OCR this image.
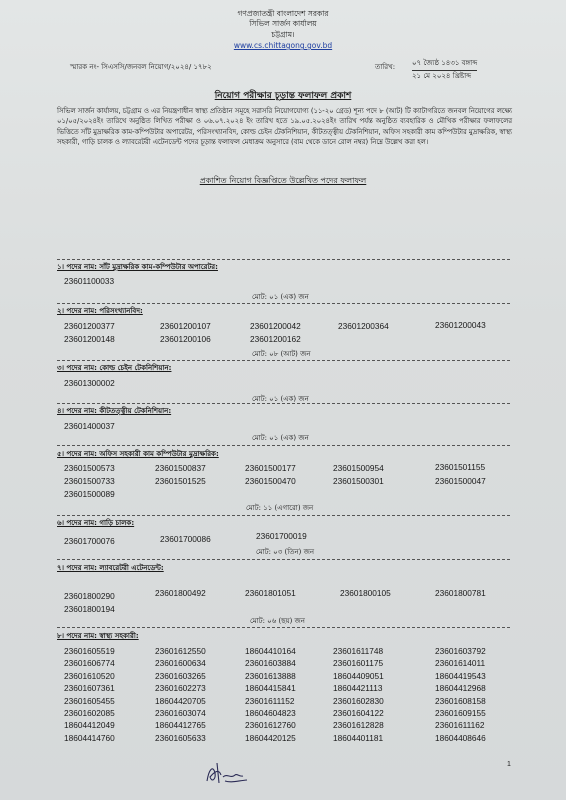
গণপ্রজাতন্ত্রী বাংলাদেশ সরকার
সিভিল সার্জন কার্যালয়
চট্টগ্রাম।
www.cs.chittagong.gov.bd
স্মারক নং- সিএসসি/জনবল নিয়োগ/২০২৪/ ১৭৮২	তারিখ: ০৭ জ্যৈষ্ঠ ১৪৩১ বঙ্গাব্দ
২১ মে ২০২৪ খ্রিষ্টাব্দ
নিয়োগ পরীক্ষার চূড়ান্ত ফলাফল প্রকাশ
সিভিল সার্জন কার্যালয়, চট্টগ্রাম ও এর নিয়ন্ত্রণাধীন স্বাস্থ্য প্রতিষ্ঠান সমূহে সরাসরি নিয়োগযোগ্য (১১-২০ গ্রেড) শূন্য পদে ৮ (আট) টি ক্যাটাগরিতে জনবল নিয়োগের লক্ষ্যে ০১/০৫/২০২৪ইং তারিখে অনুষ্ঠিত লিখিত পরীক্ষা ও ০৬.০৭.২০২৪ ইং তারিখ হতে ১৯.০৫.২০২৪ইং তারিখ পর্যন্ত অনুষ্ঠিত ব্যবহারিক ও মৌখিক পরীক্ষার ফলাফলের ভিত্তিতে সাঁট মুদ্রাক্ষরিক কাম-কম্পিউটার অপারেটর, পরিসংখ্যানবিদ, কোল্ড চেইন টেকনিশিয়ান, কীটতত্ত্বীয় টেকনিশিয়ান, অফিস সহকারী কাম কম্পিউটার মুদ্রাক্ষরিক, স্বাস্থ্য সহকারী, গাড়ি চালক ও ল্যাবরেটরী এটেনডেন্ট পদের চূড়ান্ত ফলাফল মেধাক্রম অনুসারে (বাম থেকে ডানে রোল নম্বর) নিম্নে উল্লেখ করা হল।
প্রকাশিত নিয়োগ বিজ্ঞপ্তিতে উল্লেখিত পদের ফলাফল
১। পদের নাম: সাঁট মুদ্রাক্ষরিক কাম-কম্পিউটার অপারেটর:
23601100033
মোট: ০১ (এক) জন
২। পদের নাম: পরিসংখ্যানবিদ:
23601200377	23601200107	23601200042	23601200364	23601200043
23601200148	23601200106	23601200162
মোট: ০৮ (আট) জন
৩। পদের নাম: কোল্ড চেইন টেকনিশিয়ান:
23601300002
মোট: ০১ (এক) জন
৪। পদের নাম: কীটতত্ত্বীয় টেকনিশিয়ান:
23601400037
মোট: ০১ (এক) জন
৫। পদের নাম: অফিস সহকারী কাম কম্পিউটার মুদ্রাক্ষরিক:
23601500573	23601500837	23601500177	23601500954	23601501155
23601500733	23601501525	23601500470	23601500301	23601500047
23601500089
মোট: ১১ (এগারো) জন
৬। পদের নাম: গাড়ি চালক:
23601700076	23601700086	23601700019
মোট: ০৩ (তিন) জন
৭। পদের নাম: ল্যাবরেটরী এটেনডেন্ট:
23601800290	23601800492	23601801051	23601800105	23601800781
23601800194
মোট: ০৬ (ছয়) জন
৮। পদের নাম: স্বাস্থ্য সহকারী:
23601605519	23601612550	18604410164	23601611748	23601603792
23601606774	23601600634	23601603884	23601601175	23601614011
23601610520	23601603265	23601613888	18604409051	18604419543
23601607361	23601602273	18604415841	18604421113	18604412968
23601605455	18604420705	23601611152	23601602830	23601608158
23601602085	23601603074	18604604823	23601604122	23601609155
18604412049	18604412765	23601612760	23601612828	23601611162
18604414760	23601605633	18604420125	18604401181	18604408646
1
